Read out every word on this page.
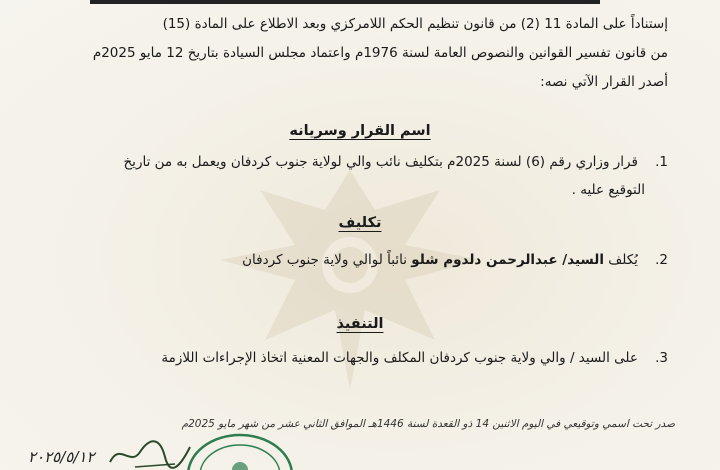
إستناداً على المادة 11 (2) من قانون تنظيم الحكم اللامركزي وبعد الاطلاع على المادة (15)
من قانون تفسير القوانين والنصوص العامة لسنة 1976م واعتماد مجلس السيادة بتاريخ 12 مايو 2025م
أصدر القرار الآتي نصه:
اسم القرار وسريانه
1.    قرار وزاري رقم (6) لسنة 2025م بتكليف نائب والي لولاية جنوب كردفان ويعمل به من تاريخ
التوقيع عليه .
تكليف
2.    يُكلف السيد/ عبدالرحمن دلدوم شلو نائباً لوالي ولاية جنوب كردفان
التنفيذ
3.    على السيد / والي ولاية جنوب كردفان المكلف والجهات المعنية اتخاذ الإجراءات اللازمة
صدر تحت اسمي وتوقيعي في اليوم الاثنين 14 ذو القعدة لسنة 1446هـ الموافق الثاني عشر من شهر مايو 2025م
٢٠٢٥/٥/١٢
